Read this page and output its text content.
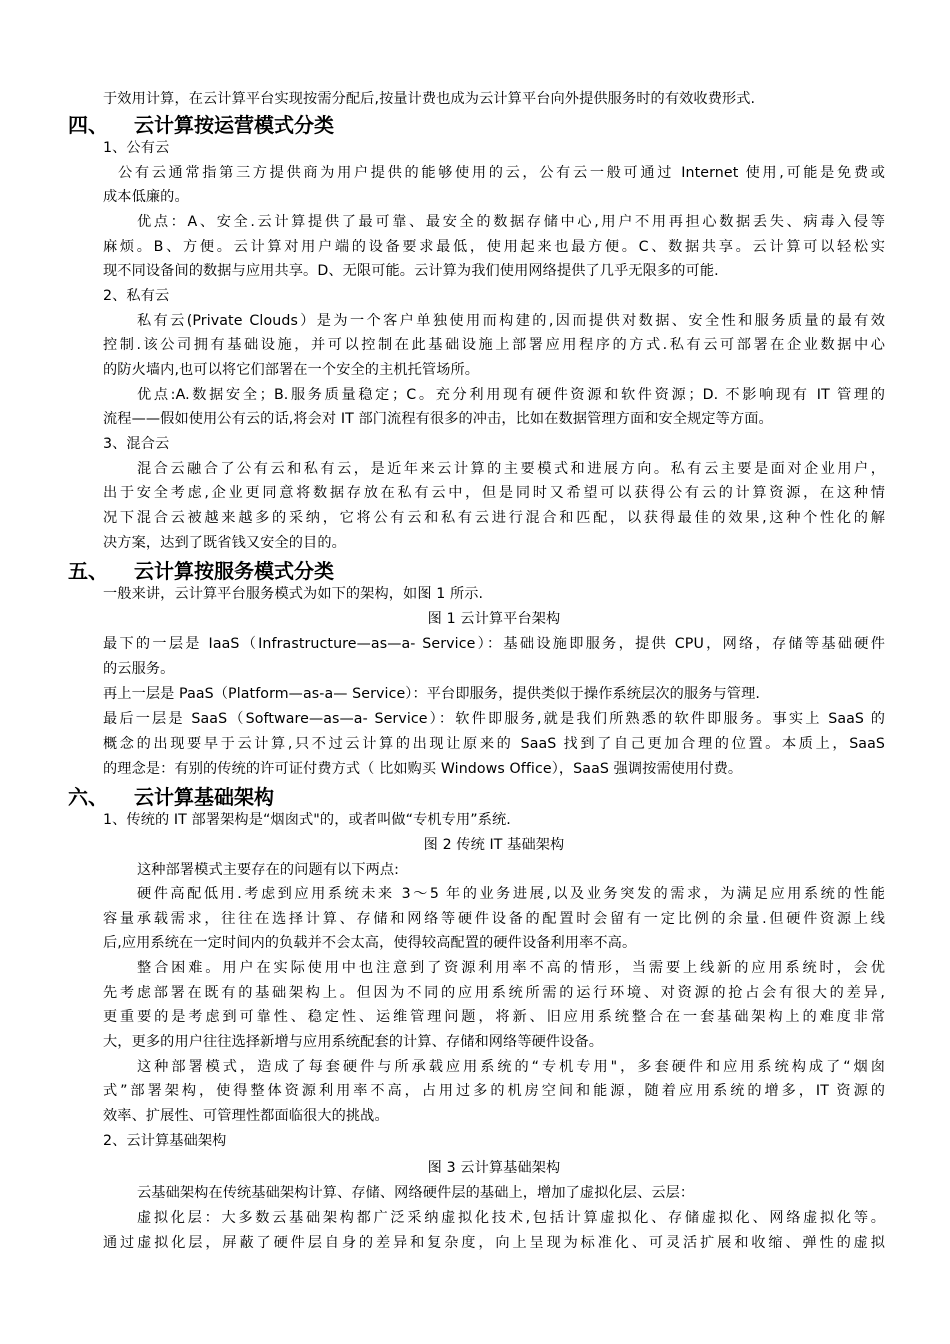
于效用计算，在云计算平台实现按需分配后,按量计费也成为云计算平台向外提供服务时的有效收费形式.
四、 云计算按运营模式分类
1、公有云
公有云通常指第三方提供商为用户提供的能够使用的云，公有云一般可通过 Internet 使用,可能是免费或
成本低廉的。
优点：A、安全.云计算提供了最可靠、最安全的数据存储中心,用户不用再担心数据丢失、病毒入侵等
麻烦。B、方便。云计算对用户端的设备要求最低，使用起来也最方便。C、数据共享。云计算可以轻松实
现不同设备间的数据与应用共享。D、无限可能。云计算为我们使用网络提供了几乎无限多的可能.
2、私有云
私有云(Private Clouds）是为一个客户单独使用而构建的,因而提供对数据、安全性和服务质量的最有效
控制.该公司拥有基础设施，并可以控制在此基础设施上部署应用程序的方式.私有云可部署在企业数据中心
的防火墙内,也可以将它们部署在一个安全的主机托管场所。
优点:A.数据安全；B.服务质量稳定；C。充分利用现有硬件资源和软件资源；D. 不影响现有 IT 管理的
流程——假如使用公有云的话,将会对 IT 部门流程有很多的冲击，比如在数据管理方面和安全规定等方面。
3、混合云
混合云融合了公有云和私有云，是近年来云计算的主要模式和进展方向。私有云主要是面对企业用户，
出于安全考虑,企业更同意将数据存放在私有云中，但是同时又希望可以获得公有云的计算资源，在这种情
况下混合云被越来越多的采纳，它将公有云和私有云进行混合和匹配，以获得最佳的效果,这种个性化的解
决方案，达到了既省钱又安全的目的。
五、 云计算按服务模式分类
一般来讲，云计算平台服务模式为如下的架构，如图 1 所示.
图 1 云计算平台架构
最下的一层是 IaaS（Infrastructure—as—a- Service）：基础设施即服务，提供 CPU，网络，存储等基础硬件
的云服务。
再上一层是 PaaS（Platform—as-a— Service）：平台即服务，提供类似于操作系统层次的服务与管理.
最后一层是 SaaS（Software—as—a- Service）：软件即服务,就是我们所熟悉的软件即服务。事实上 SaaS 的
概念的出现要早于云计算,只不过云计算的出现让原来的 SaaS 找到了自己更加合理的位置。本质上，SaaS
的理念是：有别的传统的许可证付费方式（ 比如购买 Windows Office），SaaS 强调按需使用付费。
六、 云计算基础架构
1、传统的 IT 部署架构是“烟囱式"的，或者叫做“专机专用”系统.
图 2 传统 IT 基础架构
这种部署模式主要存在的问题有以下两点:
硬件高配低用.考虑到应用系统未来 3～5 年的业务进展,以及业务突发的需求，为满足应用系统的性能
容量承载需求，往往在选择计算、存储和网络等硬件设备的配置时会留有一定比例的余量.但硬件资源上线
后,应用系统在一定时间内的负载并不会太高，使得较高配置的硬件设备利用率不高。
整合困难。用户在实际使用中也注意到了资源利用率不高的情形，当需要上线新的应用系统时，会优
先考虑部署在既有的基础架构上。但因为不同的应用系统所需的运行环境、对资源的抢占会有很大的差异,
更重要的是考虑到可靠性、稳定性、运维管理问题，将新、旧应用系统整合在一套基础架构上的难度非常
大，更多的用户往往选择新增与应用系统配套的计算、存储和网络等硬件设备。
这种部署模式，造成了每套硬件与所承载应用系统的“专机专用"，多套硬件和应用系统构成了“烟囱
式”部署架构，使得整体资源利用率不高，占用过多的机房空间和能源，随着应用系统的增多，IT 资源的
效率、扩展性、可管理性都面临很大的挑战。
2、云计算基础架构
图 3 云计算基础架构
云基础架构在传统基础架构计算、存储、网络硬件层的基础上，增加了虚拟化层、云层：
虚拟化层：大多数云基础架构都广泛采纳虚拟化技术,包括计算虚拟化、存储虚拟化、网络虚拟化等。
通过虚拟化层，屏蔽了硬件层自身的差异和复杂度，向上呈现为标准化、可灵活扩展和收缩、弹性的虚拟
